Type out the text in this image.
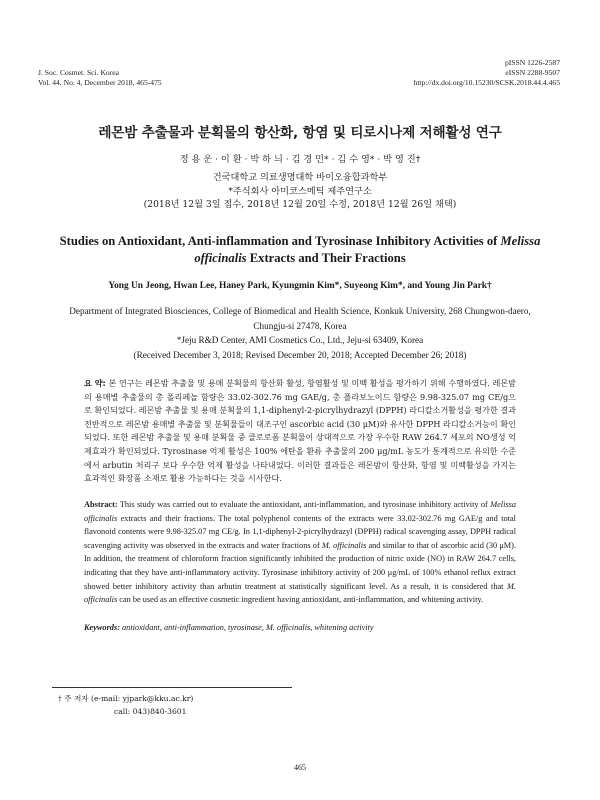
J. Soc. Cosmet. Sci. Korea
Vol. 44, No. 4, December 2018, 465-475
pISSN 1226-2587
eISSN 2288-9507
http://dx.doi.org/10.15230/SCSK.2018.44.4.465
레몬밤 추출물과 분획물의 항산화, 항염 및 티로시나제 저해활성 연구
정 용 운 · 이 환 · 박 하 늬 · 김 경 민* · 김 수 영* · 박 영 진†
건국대학교 의료생명대학 바이오융합과학부
*주식회사 아미코스메틱 제주연구소
(2018년 12월 3일 접수, 2018년 12월 20일 수정, 2018년 12월 26일 채택)
Studies on Antioxidant, Anti-inflammation and Tyrosinase Inhibitory Activities of Melissa
officinalis Extracts and Their Fractions
Yong Un Jeong, Hwan Lee, Haney Park, Kyungmin Kim*, Suyeong Kim*, and Young Jin Park†
Department of Integrated Biosciences, College of Biomedical and Health Science, Konkuk University, 268 Chungwon-daero,
Chungju-si 27478, Korea
*Jeju R&D Center, AMI Cosmetics Co., Ltd., Jeju-si 63409, Korea
(Received December 3, 2018; Revised December 20, 2018; Accepted December 26; 2018)
요 약: 본 연구는 레몬밤 추출물 및 용매 분획물의 항산화 활성, 항염활성 및 미백 활성을 평가하기 위해 수행하였다. 레몬밤의 용매별 추출물의 총 폴리페놀 함량은 33.02-302.76 mg GAE/g, 총 플라보노이드 함량은 9.98-325.07 mg CE/g으로 확인되었다. 레몬밤 추출물 및 용매 분획물의 1,1-diphenyl-2-picrylhydrazyl (DPPH) 라디칼소거활성을 평가한 결과 전반적으로 레몬밤 용매별 추출물 및 분획물들이 대조구인 ascorbic acid (30 μM)와 유사한 DPPH 라디칼소거능이 확인되었다. 또한 레몬밤 추출물 및 용매 분획물 중 클로로폼 분획물이 상대적으로 가장 우수한 RAW 264.7 세포의 NO생성 억제효과가 확인되었다. Tyrosinase 억제 활성은 100% 에탄올 환류 추출물의 200 μg/mL 농도가 통계적으로 유의한 수준에서 arbutin 처리구 보다 우수한 억제 활성을 나타내었다. 이러한 결과들은 레몬밤이 항산화, 항염 및 미백활성을 가지는 효과적인 화장품 소재로 활용 가능하다는 것을 시사한다.
Abstract: This study was carried out to evaluate the antioxidant, anti-inflammation, and tyrosinase inhibitory activity of Melissa officinalis extracts and their fractions. The total polyphenol contents of the extracts were 33.02-302.76 mg GAE/g and total flavonoid contents were 9.98-325.07 mg CE/g. In 1,1-diphenyl-2-picrylhydrazyl (DPPH) radical scavenging assay, DPPH radical scavenging activity was observed in the extracts and water fractions of M. officinalis and similar to that of ascorbic acid (30 μM). In addition, the treatment of chloroform fraction significantly inhibited the production of nitric oxide (NO) in RAW 264.7 cells, indicating that they have anti-inflammatory activity. Tyrosinase inhibitory activity of 200 μg/mL of 100% ethanol reflux extract showed better inhibitory activity than arbutin treatment at statistically significant level. As a result, it is considered that M. officinalis can be used as an effective cosmetic ingredient having antioxidant, anti-inflammation, and whitening activity.
Keywords: antioxidant, anti-inflammation, tyrosinase, M. officinalis, whitening activity
† 주 저자 (e-mail: yjpark@kku.ac.kr)
call: 043)840-3601
465
